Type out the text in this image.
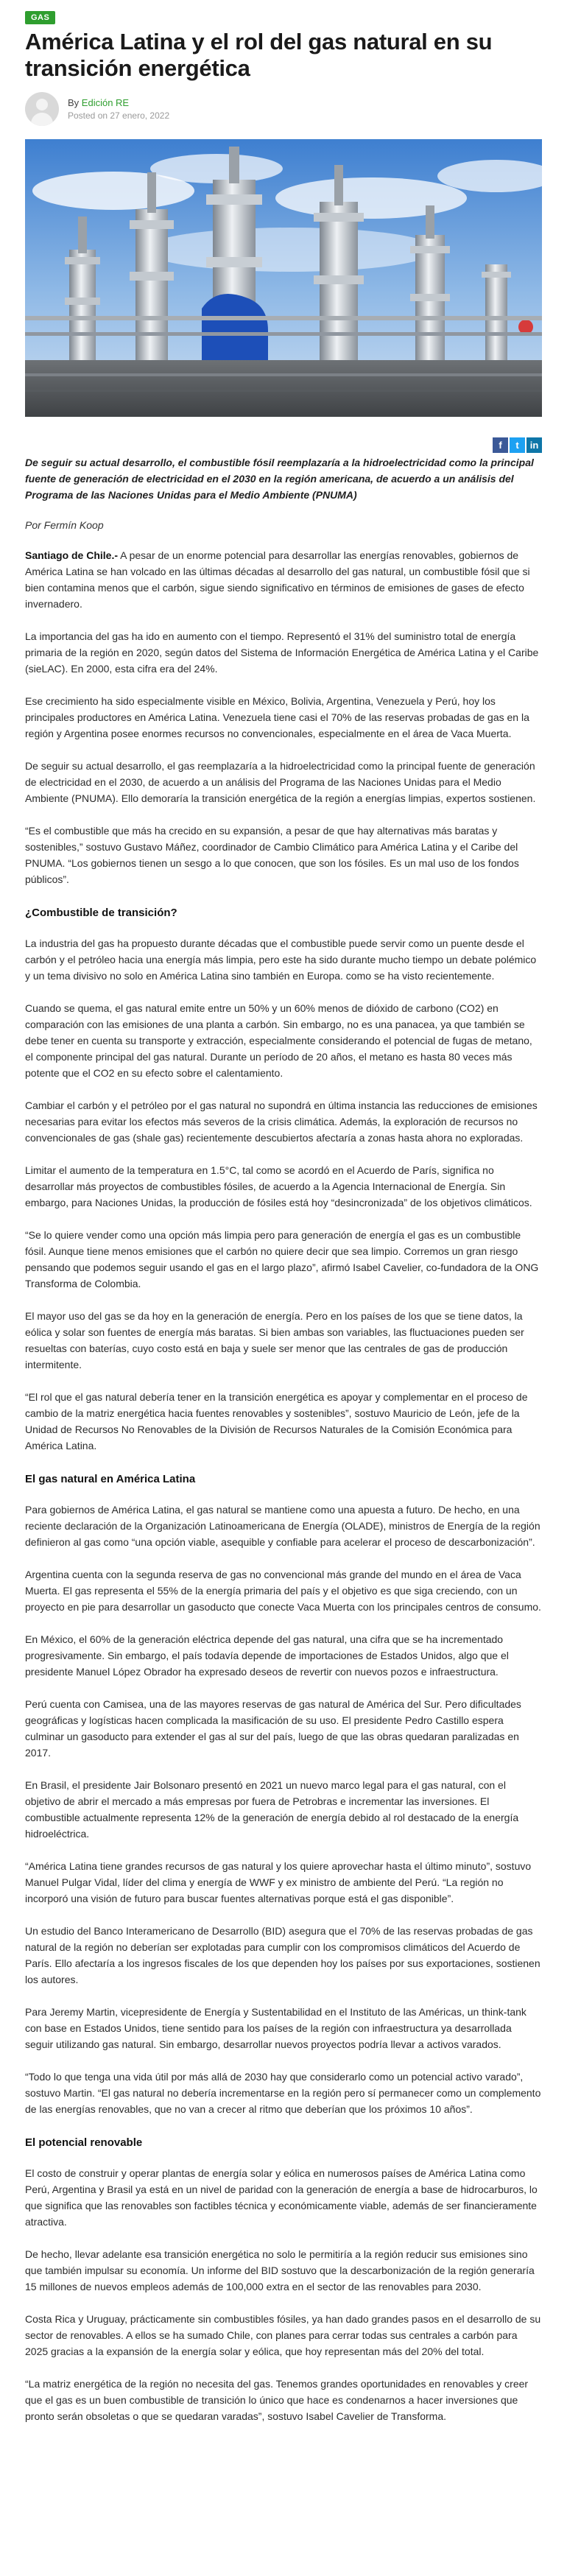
GAS
América Latina y el rol del gas natural en su transición energética
By Edición RE
Posted on 27 enero, 2022
f	t	in

De seguir su actual desarrollo, el combustible fósil reemplazaría a la hidroelectricidad como la principal fuente de generación de electricidad en el 2030 en la región americana, de acuerdo a un análisis del Programa de las Naciones Unidas para el Medio Ambiente (PNUMA)

Por Fermín Koop

Santiago de Chile.- A pesar de un enorme potencial para desarrollar las energías renovables, gobiernos de América Latina se han volcado en las últimas décadas al desarrollo del gas natural, un combustible fósil que si bien contamina menos que el carbón, sigue siendo significativo en términos de emisiones de gases de efecto invernadero.

La importancia del gas ha ido en aumento con el tiempo. Representó el 31% del suministro total de energía primaria de la región en 2020, según datos del Sistema de Información Energética de América Latina y el Caribe (sieLAC). En 2000, esta cifra era del 24%.

Ese crecimiento ha sido especialmente visible en México, Bolivia, Argentina, Venezuela y Perú, hoy los principales productores en América Latina. Venezuela tiene casi el 70% de las reservas probadas de gas en la región y Argentina posee enormes recursos no convencionales, especialmente en el área de Vaca Muerta.

De seguir su actual desarrollo, el gas reemplazaría a la hidroelectricidad como la principal fuente de generación de electricidad en el 2030, de acuerdo a un análisis del Programa de las Naciones Unidas para el Medio Ambiente (PNUMA). Ello demoraría la transición energética de la región a energías limpias, expertos sostienen.

“Es el combustible que más ha crecido en su expansión, a pesar de que hay alternativas más baratas y sostenibles,” sostuvo Gustavo Máñez, coordinador de Cambio Climático para América Latina y el Caribe del PNUMA. “Los gobiernos tienen un sesgo a lo que conocen, que son los fósiles. Es un mal uso de los fondos públicos”.

¿Combustible de transición?

La industria del gas ha propuesto durante décadas que el combustible puede servir como un puente desde el carbón y el petróleo hacia una energía más limpia, pero este ha sido durante mucho tiempo un debate polémico y un tema divisivo no solo en América Latina sino también en Europa. como se ha visto recientemente.

Cuando se quema, el gas natural emite entre un 50% y un 60% menos de dióxido de carbono (CO2) en comparación con las emisiones de una planta a carbón. Sin embargo, no es una panacea, ya que también se debe tener en cuenta su transporte y extracción, especialmente considerando el potencial de fugas de metano, el componente principal del gas natural. Durante un período de 20 años, el metano es hasta 80 veces más potente que el CO2 en su efecto sobre el calentamiento.

Cambiar el carbón y el petróleo por el gas natural no supondrá en última instancia las reducciones de emisiones necesarias para evitar los efectos más severos de la crisis climática. Además, la exploración de recursos no convencionales de gas (shale gas) recientemente descubiertos afectaría a zonas hasta ahora no exploradas.

Limitar el aumento de la temperatura en 1.5°C, tal como se acordó en el Acuerdo de París, significa no desarrollar más proyectos de combustibles fósiles, de acuerdo a la Agencia Internacional de Energía. Sin embargo, para Naciones Unidas, la producción de fósiles está hoy “desincronizada” de los objetivos climáticos.

“Se lo quiere vender como una opción más limpia pero para generación de energía el gas es un combustible fósil. Aunque tiene menos emisiones que el carbón no quiere decir que sea limpio. Corremos un gran riesgo pensando que podemos seguir usando el gas en el largo plazo”, afirmó Isabel Cavelier, co-fundadora de la ONG Transforma de Colombia.

El mayor uso del gas se da hoy en la generación de energía. Pero en los países de los que se tiene datos, la eólica y solar son fuentes de energía más baratas. Si bien ambas son variables, las fluctuaciones pueden ser resueltas con baterías, cuyo costo está en baja y suele ser menor que las centrales de gas de producción intermitente.

“El rol que el gas natural debería tener en la transición energética es apoyar y complementar en el proceso de cambio de la matriz energética hacia fuentes renovables y sostenibles”, sostuvo Mauricio de León, jefe de la Unidad de Recursos No Renovables de la División de Recursos Naturales de la Comisión Económica para América Latina.

El gas natural en América Latina

Para gobiernos de América Latina, el gas natural se mantiene como una apuesta a futuro. De hecho, en una reciente declaración de la Organización Latinoamericana de Energía (OLADE), ministros de Energía de la región definieron al gas como “una opción viable, asequible y confiable para acelerar el proceso de descarbonización”.

Argentina cuenta con la segunda reserva de gas no convencional más grande del mundo en el área de Vaca Muerta. El gas representa el 55% de la energía primaria del país y el objetivo es que siga creciendo, con un proyecto en pie para desarrollar un gasoducto que conecte Vaca Muerta con los principales centros de consumo.

En México, el 60% de la generación eléctrica depende del gas natural, una cifra que se ha incrementado progresivamente. Sin embargo, el país todavía depende de importaciones de Estados Unidos, algo que el presidente Manuel López Obrador ha expresado deseos de revertir con nuevos pozos e infraestructura.

Perú cuenta con Camisea, una de las mayores reservas de gas natural de América del Sur. Pero dificultades geográficas y logísticas hacen complicada la masificación de su uso. El presidente Pedro Castillo espera culminar un gasoducto para extender el gas al sur del país, luego de que las obras quedaran paralizadas en 2017.

En Brasil, el presidente Jair Bolsonaro presentó en 2021 un nuevo marco legal para el gas natural, con el objetivo de abrir el mercado a más empresas por fuera de Petrobras e incrementar las inversiones. El combustible actualmente representa 12% de la generación de energía debido al rol destacado de la energía hidroeléctrica.

“América Latina tiene grandes recursos de gas natural y los quiere aprovechar hasta el último minuto”, sostuvo Manuel Pulgar Vidal, líder del clima y energía de WWF y ex ministro de ambiente del Perú. “La región no incorporó una visión de futuro para buscar fuentes alternativas porque está el gas disponible”.

Un estudio del Banco Interamericano de Desarrollo (BID) asegura que el 70% de las reservas probadas de gas natural de la región no deberían ser explotadas para cumplir con los compromisos climáticos del Acuerdo de París. Ello afectaría a los ingresos fiscales de los que dependen hoy los países por sus exportaciones, sostienen los autores.

Para Jeremy Martin, vicepresidente de Energía y Sustentabilidad en el Instituto de las Américas, un think-tank con base en Estados Unidos, tiene sentido para los países de la región con infraestructura ya desarrollada seguir utilizando gas natural. Sin embargo, desarrollar nuevos proyectos podría llevar a activos varados.

“Todo lo que tenga una vida útil por más allá de 2030 hay que considerarlo como un potencial activo varado”, sostuvo Martin. “El gas natural no debería incrementarse en la región pero sí permanecer como un complemento de las energías renovables, que no van a crecer al ritmo que deberían que los próximos 10 años”.

El potencial renovable

El costo de construir y operar plantas de energía solar y eólica en numerosos países de América Latina como Perú, Argentina y Brasil ya está en un nivel de paridad con la generación de energía a base de hidrocarburos, lo que significa que las renovables son factibles técnica y económicamente viable, además de ser financieramente atractiva.

De hecho, llevar adelante esa transición energética no solo le permitiría a la región reducir sus emisiones sino que también impulsar su economía. Un informe del BID sostuvo que la descarbonización de la región generaría 15 millones de nuevos empleos además de 100,000 extra en el sector de las renovables para 2030.

Costa Rica y Uruguay, prácticamente sin combustibles fósiles, ya han dado grandes pasos en el desarrollo de su sector de renovables. A ellos se ha sumado Chile, con planes para cerrar todas sus centrales a carbón para 2025 gracias a la expansión de la energía solar y eólica, que hoy representan más del 20% del total.

“La matriz energética de la región no necesita del gas. Tenemos grandes oportunidades en renovables y creer que el gas es un buen combustible de transición lo único que hace es condenarnos a hacer inversiones que pronto serán obsoletas o que se quedaran varadas”, sostuvo Isabel Cavelier de Transforma.
